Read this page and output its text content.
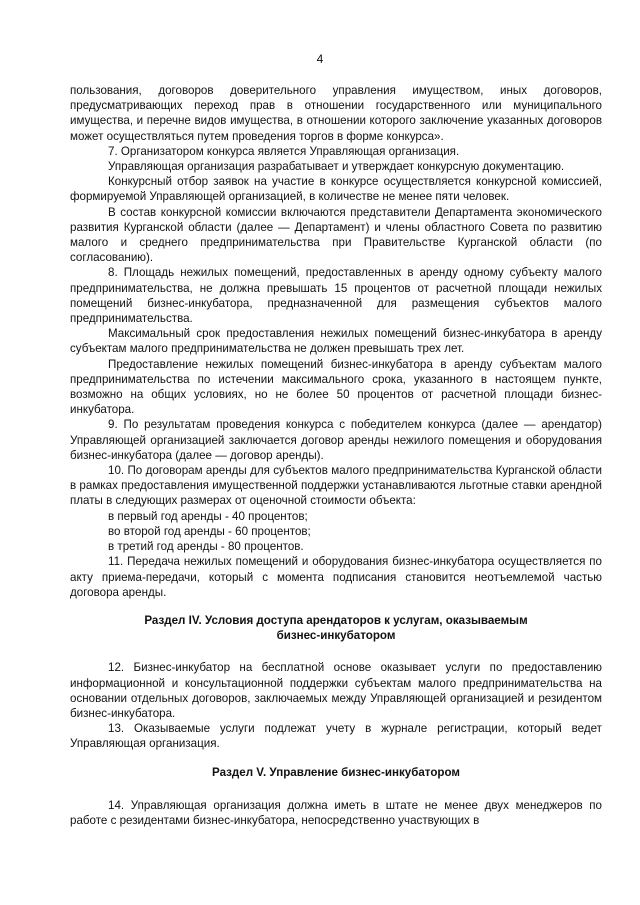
4

пользования, договоров доверительного управления имуществом, иных договоров, предусматривающих переход прав в отношении государственного или муниципального имущества, и перечне видов имущества, в отношении которого заключение указанных договоров может осуществляться путем проведения торгов в форме конкурса».

7. Организатором конкурса является Управляющая организация.

Управляющая организация разрабатывает и утверждает конкурсную документацию.

Конкурсный отбор заявок на участие в конкурсе осуществляется конкурсной комиссией, формируемой Управляющей организацией, в количестве не менее пяти человек.

В состав конкурсной комиссии включаются представители Департамента экономического развития Курганской области (далее — Департамент) и члены областного Совета по развитию малого и среднего предпринимательства при Правительстве Курганской области (по согласованию).

8. Площадь нежилых помещений, предоставленных в аренду одному субъекту малого предпринимательства, не должна превышать 15 процентов от расчетной площади нежилых помещений бизнес-инкубатора, предназначенной для размещения субъектов малого предпринимательства.

Максимальный срок предоставления нежилых помещений бизнес-инкубатора в аренду субъектам малого предпринимательства не должен превышать трех лет.

Предоставление нежилых помещений бизнес-инкубатора в аренду субъектам малого предпринимательства по истечении максимального срока, указанного в настоящем пункте, возможно на общих условиях, но не более 50 процентов от расчетной площади бизнес-инкубатора.

9. По результатам проведения конкурса с победителем конкурса (далее — арендатор) Управляющей организацией заключается договор аренды нежилого помещения и оборудования бизнес-инкубатора (далее — договор аренды).

10. По договорам аренды для субъектов малого предпринимательства Курганской области в рамках предоставления имущественной поддержки устанавливаются льготные ставки арендной платы в следующих размерах от оценочной стоимости объекта:

в первый год аренды - 40 процентов;

во второй год аренды - 60 процентов;

в третий год аренды - 80 процентов.

11. Передача нежилых помещений и оборудования бизнес-инкубатора осуществляется по акту приема-передачи, который с момента подписания становится неотъемлемой частью договора аренды.

Раздел IV. Условия доступа арендаторов к услугам, оказываемым
бизнес-инкубатором

12. Бизнес-инкубатор на бесплатной основе оказывает услуги по предоставлению информационной и консультационной поддержки субъектам малого предпринимательства на основании отдельных договоров, заключаемых между Управляющей организацией и резидентом бизнес-инкубатора.

13. Оказываемые услуги подлежат учету в журнале регистрации, который ведет Управляющая организация.

Раздел V. Управление бизнес-инкубатором

14. Управляющая организация должна иметь в штате не менее двух менеджеров по работе с резидентами бизнес-инкубатора, непосредственно участвующих в
